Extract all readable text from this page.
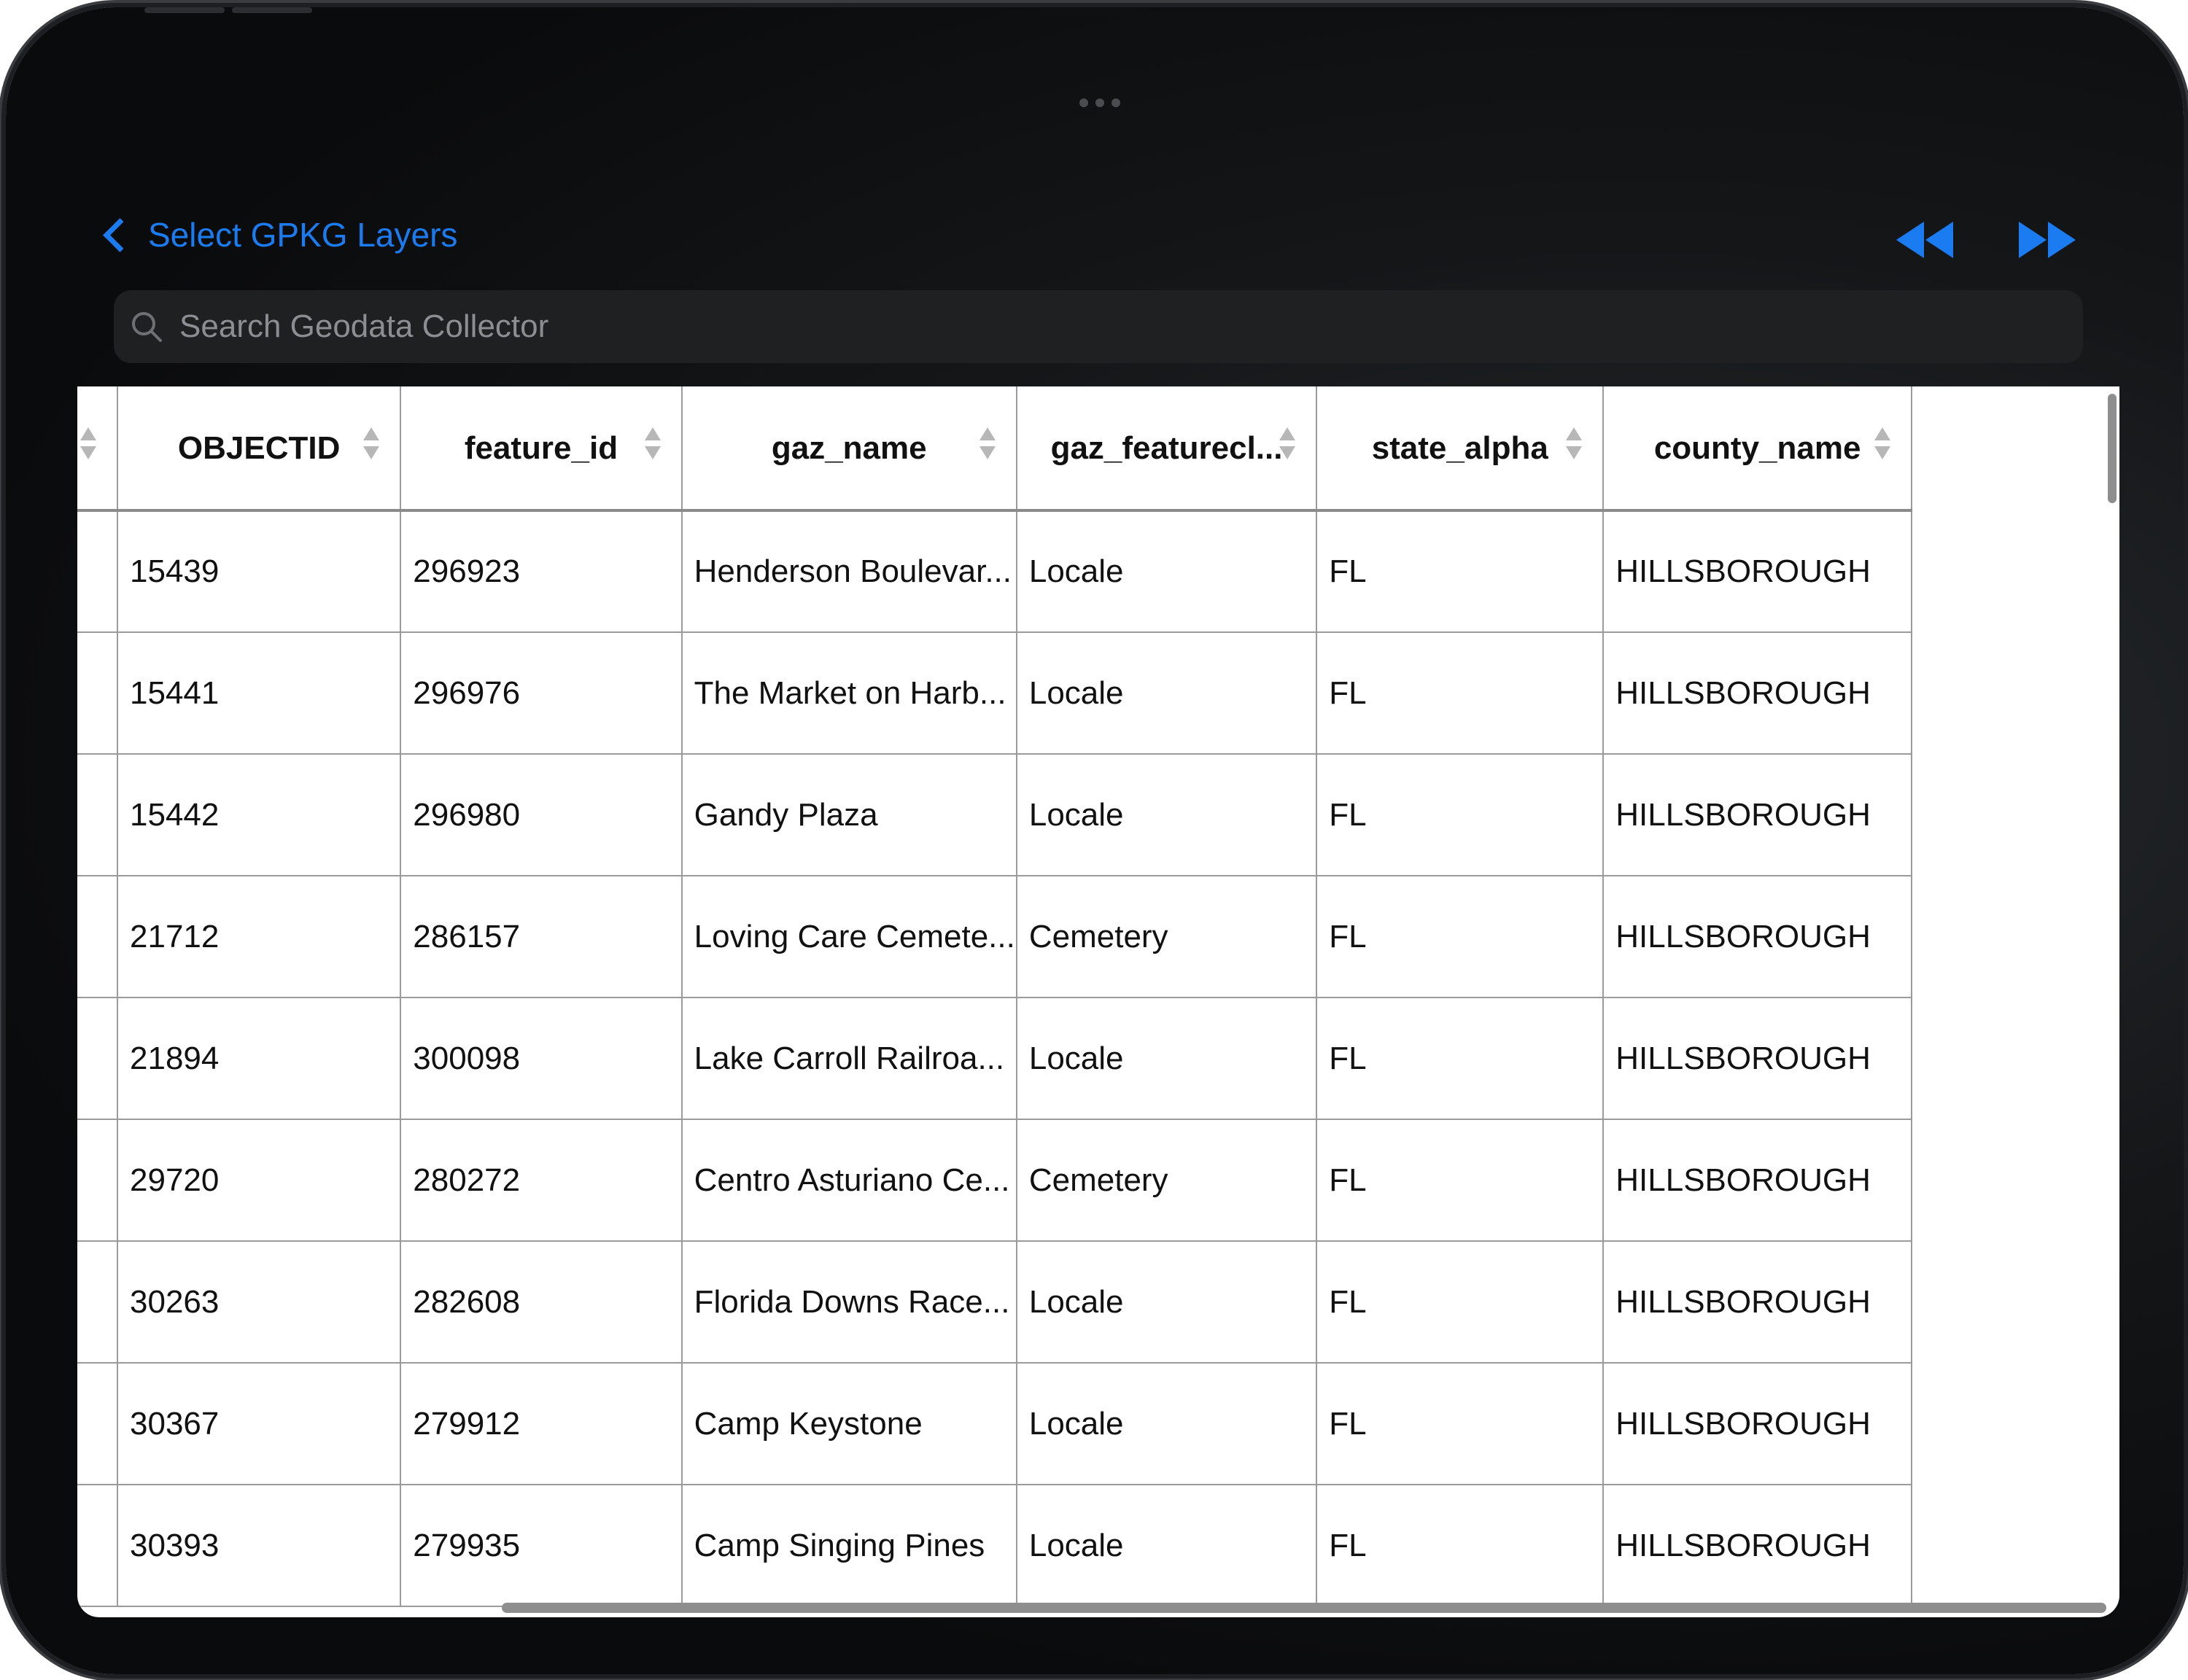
Select GPKG Layers
Search Geodata Collector
	OBJECTID	feature_id	gaz_name	gaz_featurecl...	state_alpha	county_name

	15439	296923	Henderson Boulevar...	Locale	FL	HILLSBOROUGH
	15441	296976	The Market on Harb...	Locale	FL	HILLSBOROUGH
	15442	296980	Gandy Plaza	Locale	FL	HILLSBOROUGH
	21712	286157	Loving Care Cemete...	Cemetery	FL	HILLSBOROUGH
	21894	300098	Lake Carroll Railroa...	Locale	FL	HILLSBOROUGH
	29720	280272	Centro Asturiano Ce...	Cemetery	FL	HILLSBOROUGH
	30263	282608	Florida Downs Race...	Locale	FL	HILLSBOROUGH
	30367	279912	Camp Keystone	Locale	FL	HILLSBOROUGH
	30393	279935	Camp Singing Pines	Locale	FL	HILLSBOROUGH
